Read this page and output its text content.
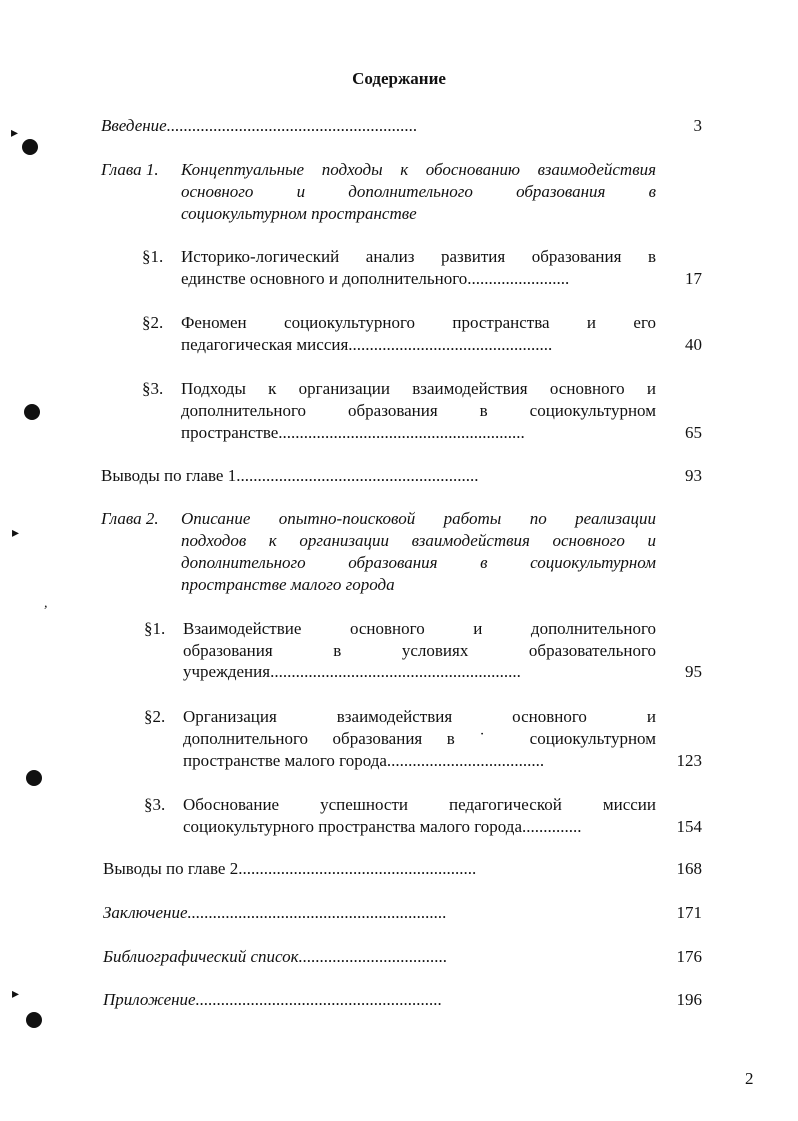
Содержание
Введение...........................................................	3
Глава 1. Концептуальные подходы к обоснованию взаимодействия
основного и дополнительного образования в
социокультурном пространстве
§1. Историко-логический анализ развития образования в
единстве основного и дополнительного........................	17
§2. Феномен социокультурного пространства и его
педагогическая миссия................................................	40
§3. Подходы к организации взаимодействия основного и
дополнительного образования в социокультурном
пространстве..........................................................	65
Выводы по главе 1.........................................................	93
Глава 2. Описание опытно-поисковой работы по реализации
подходов к организации взаимодействия основного и
дополнительного образования в социокультурном
пространстве малого города
§1. Взаимодействие основного и дополнительного
образования в условиях образовательного
учреждения...........................................................	95
§2. Организация взаимодействия основного и
дополнительного образования в ˙ социокультурном
пространстве малого города.....................................	123
§3. Обоснование успешности педагогической миссии
социокультурного пространства малого города..............	154
Выводы по главе 2........................................................	168
Заключение.............................................................	171
Библиографический список...................................	176
Приложение..........................................................	196
2
▸
▸
▸
,
